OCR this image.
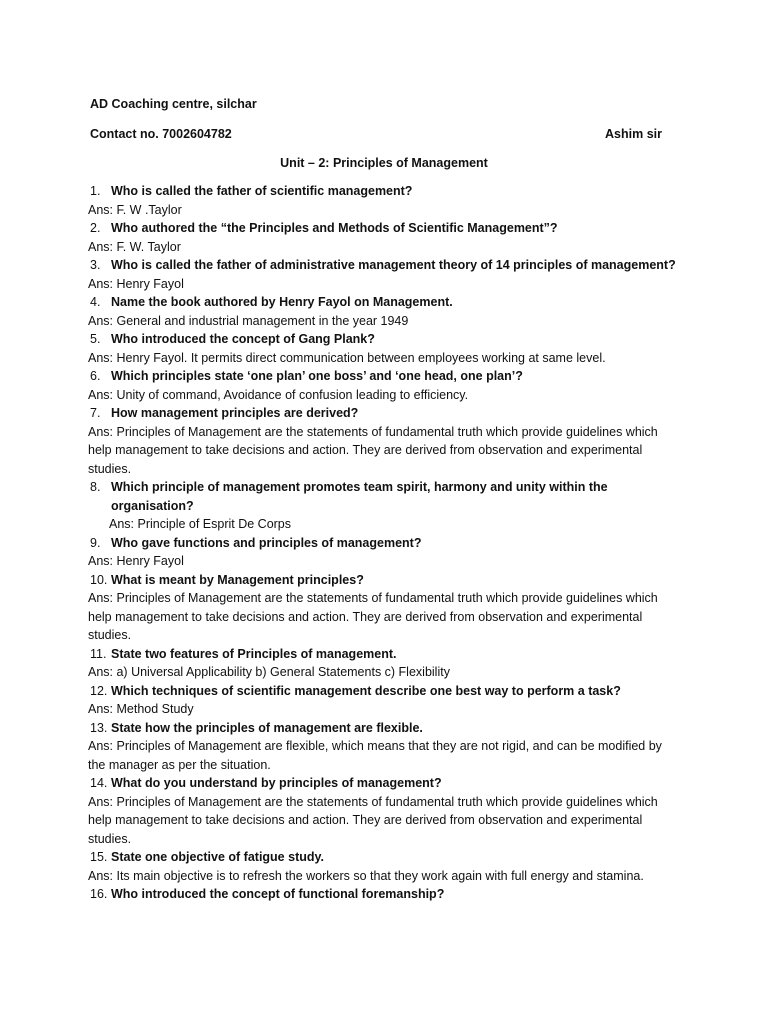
AD Coaching centre, silchar
Contact no. 7002604782	Ashim sir
Unit – 2: Principles of Management
1. Who is called the father of scientific management?
Ans: F. W .Taylor
2. Who authored the “the Principles and Methods of Scientific Management”?
Ans: F. W. Taylor
3. Who is called the father of administrative management theory of 14 principles of management?
Ans: Henry Fayol
4. Name the book authored by Henry Fayol on Management.
Ans: General and industrial management in the year 1949
5. Who introduced the concept of Gang Plank?
Ans: Henry Fayol. It permits direct communication between employees working at same level.
6. Which principles state ‘one plan’ one boss’ and ‘one head, one plan’?
Ans: Unity of command, Avoidance of confusion leading to efficiency.
7. How management principles are derived?
Ans: Principles of Management are the statements of fundamental truth which provide guidelines which help management to take decisions and action. They are derived from observation and experimental studies.
8. Which principle of management promotes team spirit, harmony and unity within the organisation?
Ans: Principle of Esprit De Corps
9. Who gave functions and principles of management?
Ans: Henry Fayol
10. What is meant by Management principles?
Ans: Principles of Management are the statements of fundamental truth which provide guidelines which help management to take decisions and action. They are derived from observation and experimental studies.
11. State two features of Principles of management.
Ans: a) Universal Applicability b) General Statements c) Flexibility
12. Which techniques of scientific management describe one best way to perform a task?
Ans: Method Study
13. State how the principles of management are flexible.
Ans: Principles of Management are flexible, which means that they are not rigid, and can be modified by the manager as per the situation.
14. What do you understand by principles of management?
Ans: Principles of Management are the statements of fundamental truth which provide guidelines which help management to take decisions and action. They are derived from observation and experimental studies.
15. State one objective of fatigue study.
Ans: Its main objective is to refresh the workers so that they work again with full energy and stamina.
16. Who introduced the concept of functional foremanship?
